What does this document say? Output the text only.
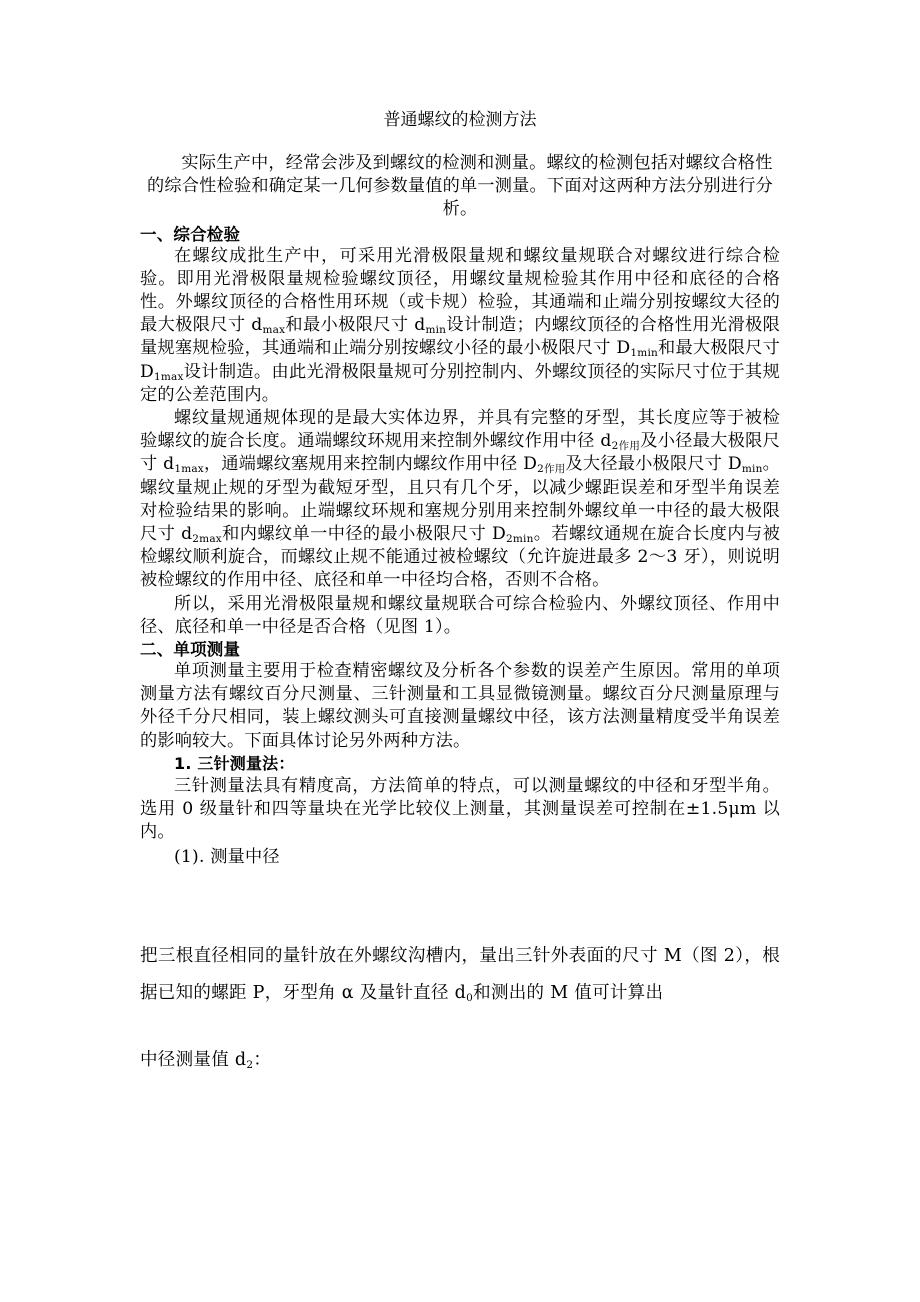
普通螺纹的检测方法

实际生产中，经常会涉及到螺纹的检测和测量。螺纹的检测包括对螺纹合格性的综合性检验和确定某一几何参数量值的单一测量。下面对这两种方法分别进行分析。

一、综合检验

在螺纹成批生产中，可采用光滑极限量规和螺纹量规联合对螺纹进行综合检验。即用光滑极限量规检验螺纹顶径，用螺纹量规检验其作用中径和底径的合格性。外螺纹顶径的合格性用环规（或卡规）检验，其通端和止端分别按螺纹大径的最大极限尺寸 $d_{max}$和最小极限尺寸 $d_{min}$设计制造；内螺纹顶径的合格性用光滑极限量规塞规检验，其通端和止端分别按螺纹小径的最小极限尺寸 $D_{1min}$和最大极限尺寸 $D_{1max}$设计制造。由此光滑极限量规可分别控制内、外螺纹顶径的实际尺寸位于其规定的公差范围内。

螺纹量规通规体现的是最大实体边界，并具有完整的牙型，其长度应等于被检验螺纹的旋合长度。通端螺纹环规用来控制外螺纹作用中径 $d_{2作用}$及小径最大极限尺寸 $d_{1max}$，通端螺纹塞规用来控制内螺纹作用中径 $D_{2作用}$及大径最小极限尺寸 $D_{min}$。螺纹量规止规的牙型为截短牙型，且只有几个牙，以减少螺距误差和牙型半角误差对检验结果的影响。止端螺纹环规和塞规分别用来控制外螺纹单一中径的最大极限尺寸 $d_{2max}$和内螺纹单一中径的最小极限尺寸 $D_{2min}$。若螺纹通规在旋合长度内与被检螺纹顺利旋合，而螺纹止规不能通过被检螺纹（允许旋进最多 2～3 牙），则说明被检螺纹的作用中径、底径和单一中径均合格，否则不合格。

所以，采用光滑极限量规和螺纹量规联合可综合检验内、外螺纹顶径、作用中径、底径和单一中径是否合格（见图 1）。

二、单项测量

单项测量主要用于检查精密螺纹及分析各个参数的误差产生原因。常用的单项测量方法有螺纹百分尺测量、三针测量和工具显微镜测量。螺纹百分尺测量原理与外径千分尺相同，装上螺纹测头可直接测量螺纹中径，该方法测量精度受半角误差的影响较大。下面具体讨论另外两种方法。

1. 三针测量法：

三针测量法具有精度高，方法简单的特点，可以测量螺纹的中径和牙型半角。选用 0 级量针和四等量块在光学比较仪上测量，其测量误差可控制在±1.5μm 以内。

(1). 测量中径

把三根直径相同的量针放在外螺纹沟槽内，量出三针外表面的尺寸 M（图 2），根据已知的螺距 P，牙型角 α 及量针直径 $d_0$和测出的 M 值可计算出

中径测量值 $d_2$：
